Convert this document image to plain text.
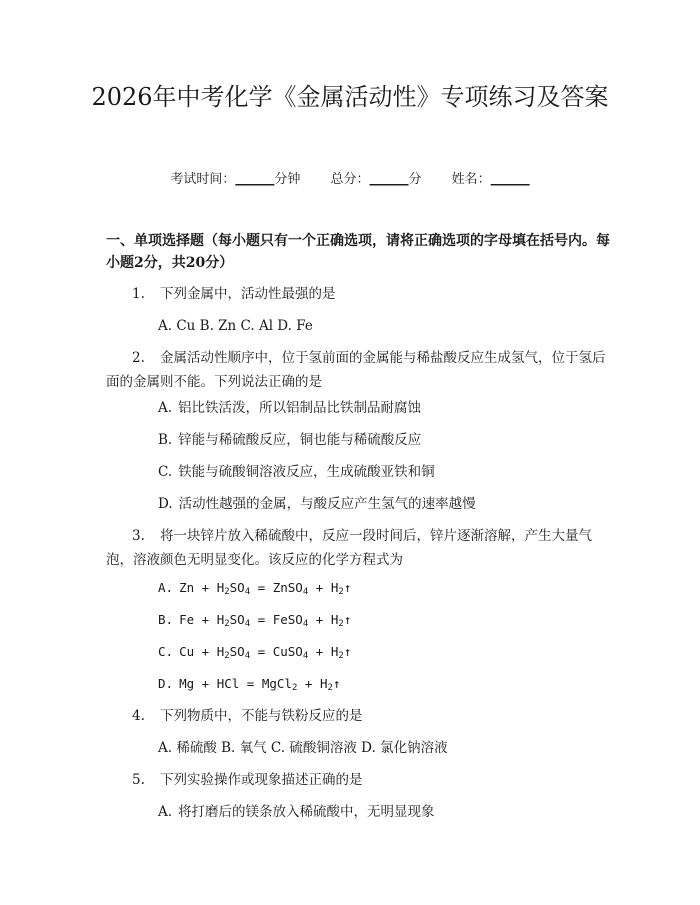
2026年中考化学《金属活动性》专项练习及答案
考试时间：______分钟 总分：______分 姓名：______
一、单项选择题（每小题只有一个正确选项，请将正确选项的字母填在括号内。每小题2分，共20分）

1. 下列金属中，活动性最强的是

A. Cu B. Zn C. Al D. Fe

2. 金属活动性顺序中，位于氢前面的金属能与稀盐酸反应生成氢气，位于氢后面的金属则不能。下列说法正确的是

A. 铝比铁活泼，所以铝制品比铁制品耐腐蚀

B. 锌能与稀硫酸反应，铜也能与稀硫酸反应

C. 铁能与硫酸铜溶液反应，生成硫酸亚铁和铜

D. 活动性越强的金属，与酸反应产生氢气的速率越慢

3. 将一块锌片放入稀硫酸中，反应一段时间后，锌片逐渐溶解，产生大量气泡，溶液颜色无明显变化。该反应的化学方程式为

A. $Zn + H_2SO_4$ = ZnSO$_4$ + $H_2↑$

B. $Fe + H_2SO_4$ = FeSO$_4$ + $H_2↑$

C. $Cu + H_2SO_4$ = CuSO$_4$ + $H_2↑$

D. Mg + HCl = MgCl$_2$ + $H_2↑$

4. 下列物质中，不能与铁粉反应的是

A. 稀硫酸 B. 氧气 C. 硫酸铜溶液 D. 氯化钠溶液

5. 下列实验操作或现象描述正确的是

A. 将打磨后的镁条放入稀硫酸中，无明显现象
